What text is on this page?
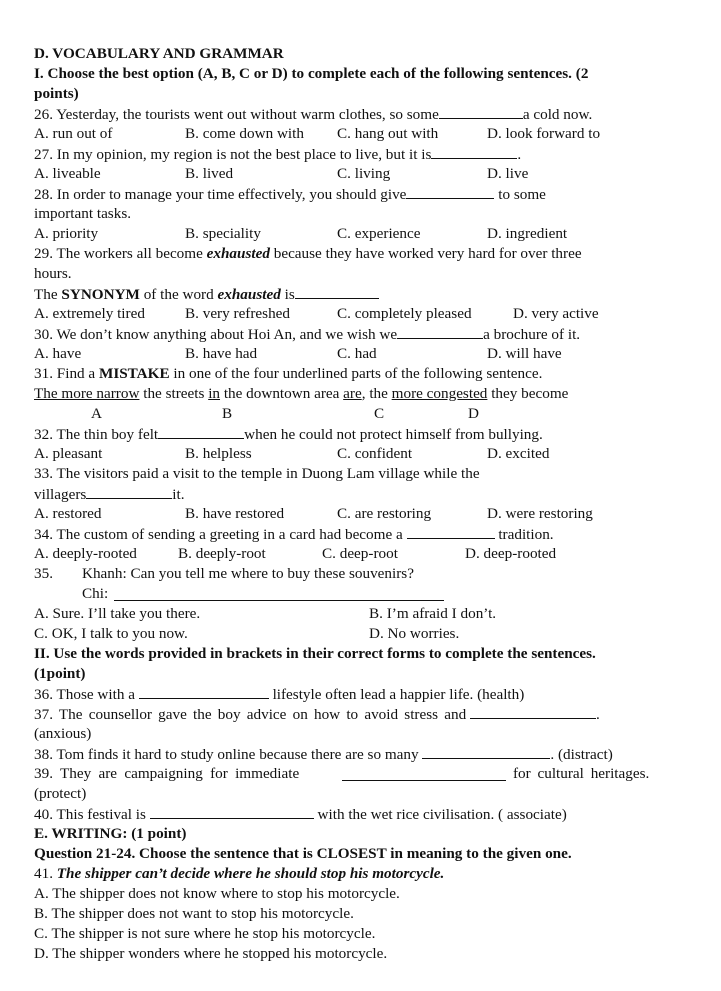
D. VOCABULARY AND GRAMMAR
I. Choose the best option (A, B, C or D) to complete each of the following sentences. (2
points)
26. Yesterday, the tourists went out without warm clothes, so some	a cold now.
A. run out of	B. come down with C. hang out with	D. look forward to
27. In my opinion, my region is not the best place to live, but it is	.
A. liveable	B. lived	C. living	D. live
28. In order to manage your time effectively, you should give	to some
important tasks.
A. priority	B. speciality	C. experience	D. ingredient
29. The workers all become exhausted because they have worked very hard for over three
hours.
The SYNONYM of the word exhausted is
A. extremely tired	B. very refreshed	C. completely pleased	D. very active
30. We don’t know anything about Hoi An, and we wish we	a brochure of it.
A. have	B. have had	C. had	D. will have
31. Find a MISTAKE in one of the four underlined parts of the following sentence.
The more narrow the streets in the downtown area are, the more congested they become
A	B	C	D
32. The thin boy felt	when he could not protect himself from bullying.
A. pleasant	B. helpless	C. confident	D. excited
33. The visitors paid a visit to the temple in Duong Lam village while the
villagers	it.
A. restored	B. have restored	C. are restoring	D. were restoring
34. The custom of sending a greeting in a card had become a	tradition.
A. deeply-rooted	B. deeply-root	C. deep-root	D. deep-rooted
35. Khanh: Can you tell me where to buy these souvenirs?
Chi:
A. Sure. I’ll take you there.	B. I’m afraid I don’t.
C. OK, I talk to you now.	D. No worries.
II. Use the words provided in brackets in their correct forms to complete the sentences.
(1point)
36. Those with a	lifestyle often lead a happier life. (health)
37. The counsellor gave the boy advice on how to avoid stress and	.
(anxious)
38. Tom finds it hard to study online because there are so many	. (distract)
39. They are campaigning for immediate	for cultural heritages.
(protect)
40. This festival is	with the wet rice civilisation. ( associate)
E. WRITING: (1 point)
Question 21-24. Choose the sentence that is CLOSEST in meaning to the given one.
41. The shipper can’t decide where he should stop his motorcycle.
A. The shipper does not know where to stop his motorcycle.
B. The shipper does not want to stop his motorcycle.
C. The shipper is not sure where he stop his motorcycle.
D. The shipper wonders where he stopped his motorcycle.
